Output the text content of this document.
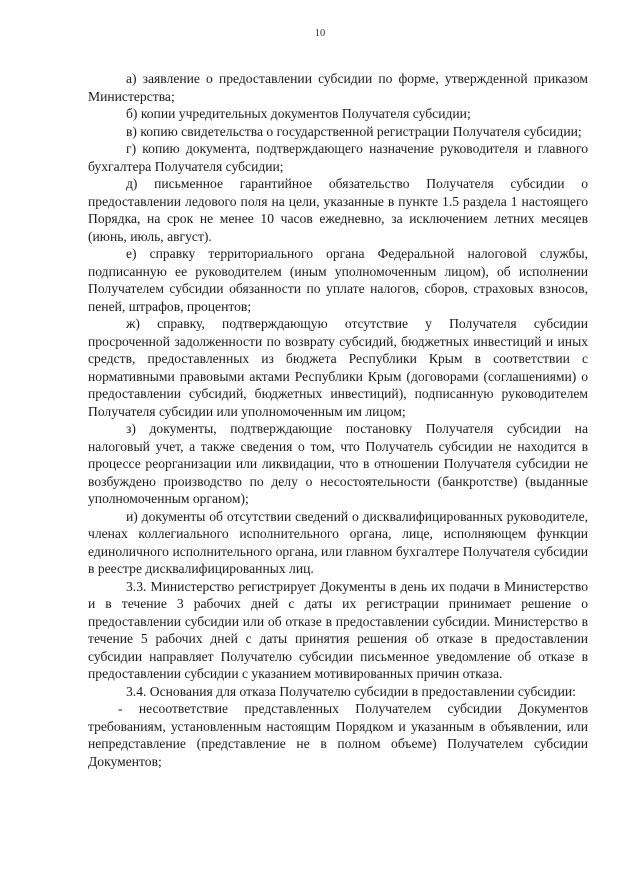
10

а) заявление о предоставлении субсидии по форме, утвержденной приказом Министерства;

б) копии учредительных документов Получателя субсидии;

в) копию свидетельства о государственной регистрации Получателя субсидии;

г) копию документа, подтверждающего назначение руководителя и главного бухгалтера Получателя субсидии;

д) письменное гарантийное обязательство Получателя субсидии о предоставлении ледового поля на цели, указанные в пункте 1.5 раздела 1 настоящего Порядка, на срок не менее 10 часов ежедневно, за исключением летних месяцев (июнь, июль, август).

е) справку территориального органа Федеральной налоговой службы, подписанную ее руководителем (иным уполномоченным лицом), об исполнении Получателем субсидии обязанности по уплате налогов, сборов, страховых взносов, пеней, штрафов, процентов;

ж) справку, подтверждающую отсутствие у Получателя субсидии просроченной задолженности по возврату субсидий, бюджетных инвестиций и иных средств, предоставленных из бюджета Республики Крым в соответствии с нормативными правовыми актами Республики Крым (договорами (соглашениями) о предоставлении субсидий, бюджетных инвестиций), подписанную руководителем Получателя субсидии или уполномоченным им лицом;

з) документы, подтверждающие постановку Получателя субсидии на налоговый учет, а также сведения о том, что Получатель субсидии не находится в процессе реорганизации или ликвидации, что в отношении Получателя субсидии не возбуждено производство по делу о несостоятельности (банкротстве) (выданные уполномоченным органом);

и) документы об отсутствии сведений о дисквалифицированных руководителе, членах коллегиального исполнительного органа, лице, исполняющем функции единоличного исполнительного органа, или главном бухгалтере Получателя субсидии в реестре дисквалифицированных лиц.

3.3. Министерство регистрирует Документы в день их подачи в Министерство и в течение 3 рабочих дней с даты их регистрации принимает решение о предоставлении субсидии или об отказе в предоставлении субсидии. Министерство в течение 5 рабочих дней с даты принятия решения об отказе в предоставлении субсидии направляет Получателю субсидии письменное уведомление об отказе в предоставлении субсидии с указанием мотивированных причин отказа.

3.4. Основания для отказа Получателю субсидии в предоставлении субсидии:

- несоответствие представленных Получателем субсидии Документов требованиям, установленным настоящим Порядком и указанным в объявлении, или непредставление (представление не в полном объеме) Получателем субсидии Документов;
